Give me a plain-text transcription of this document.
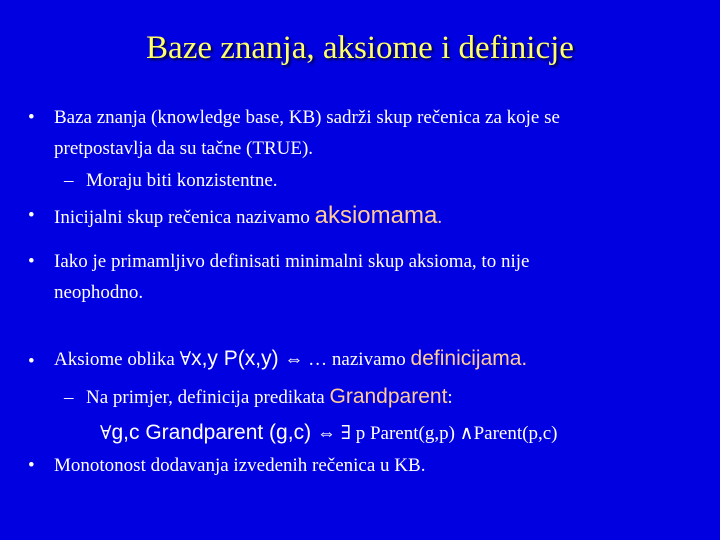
Baze znanja, aksiome i definicje
• Baza znanja (knowledge base, KB) sadrži skup rečenica za koje se
pretpostavlja da su tačne (TRUE).
– Moraju biti konzistentne.
• Inicijalni skup rečenica nazivamo aksiomama.
• Iako je primamljivo definisati minimalni skup aksioma, to nije
neophodno.
• Aksiome oblika ∀x,y P(x,y) ⇔ … nazivamo definicijama.
– Na primjer, definicija predikata Grandparent:
∀g,c Grandparent (g,c) ⇔ ∃ p Parent(g,p) ∧Parent(p,c)
• Monotonost dodavanja izvedenih rečenica u KB.
